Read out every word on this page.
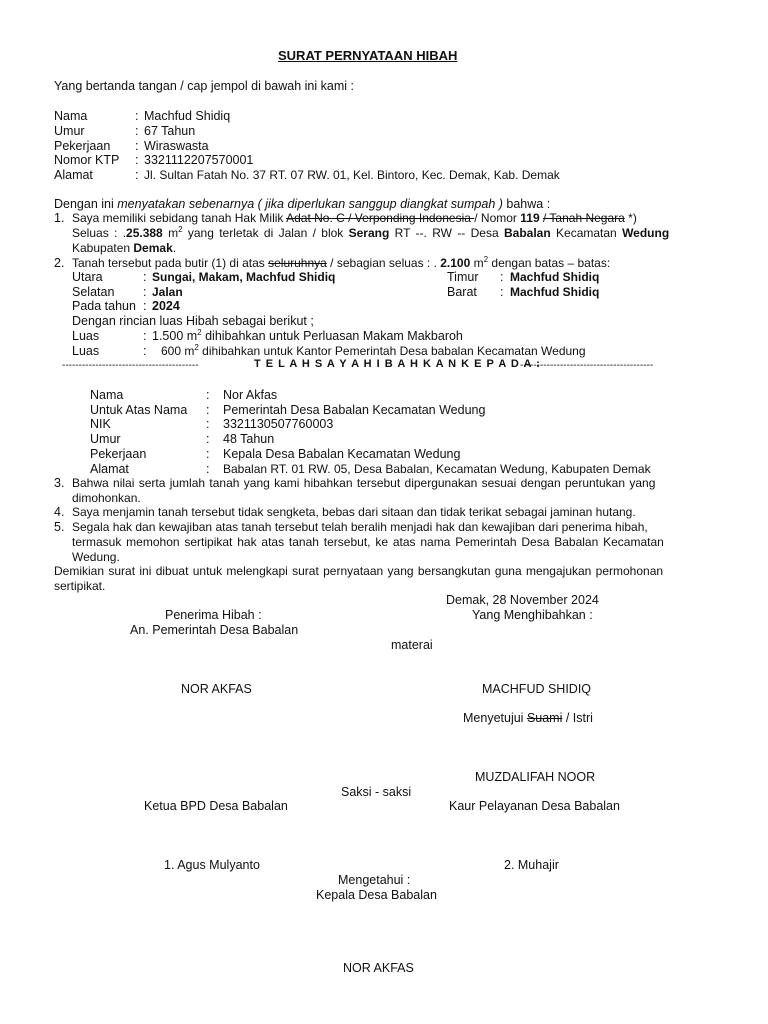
SURAT PERNYATAAN HIBAH
Yang bertanda tangan / cap jempol di bawah ini kami :
Nama	: Machfud Shidiq
Umur	: 67 Tahun
Pekerjaan : Wiraswasta
Nomor KTP : 3321112207570001
Alamat	: Jl. Sultan Fatah No. 37 RT. 07 RW. 01, Kel. Bintoro, Kec. Demak, Kab. Demak
Dengan ini menyatakan sebenarnya ( jika diperlukan sanggup diangkat sumpah ) bahwa :
1. Saya memiliki sebidang tanah Hak Milik Adat No. C / Verponding Indonesia / Nomor 119 / Tanah Negara *)
Seluas : .25.388 $m^2$ yang terletak di Jalan / blok Serang RT --. RW -- Desa Babalan Kecamatan Wedung
Kabupaten Demak.
2. Tanah tersebut pada butir (1) di atas seluruhnya / sebagian seluas : . 2.100 $m^2$ dengan batas – batas:
Utara	: Sungai, Makam, Machfud Shidiq	Timur : Machfud Shidiq
Selatan : Jalan	Barat : Machfud Shidiq
Pada tahun : 2024
Dengan rincian luas Hibah sebagai berikut ;
Luas	: 1.500 $m^2$ dihibahkan untuk Perluasan Makam Makbaroh
Luas	: 600 $m^2$ dihibahkan untuk Kantor Pemerintah Desa babalan Kecamatan Wedung
-----------------------------------------	T E L A H S A Y A H I B A H K A N K E P A D A :
----------------------------------------
Nama	: Nor Akfas
Untuk Atas Nama : Pemerintah Desa Babalan Kecamatan Wedung
NIK	: 3321130507760003
Umur	: 48 Tahun
Pekerjaan	: Kepala Desa Babalan Kecamatan Wedung
Alamat	: Babalan RT. 01 RW. 05, Desa Babalan, Kecamatan Wedung, Kabupaten Demak
3. Bahwa nilai serta jumlah tanah yang kami hibahkan tersebut dipergunakan sesuai dengan peruntukan yang
dimohonkan.
4. Saya menjamin tanah tersebut tidak sengketa, bebas dari sitaan dan tidak terikat sebagai jaminan hutang.
5. Segala hak dan kewajiban atas tanah tersebut telah beralih menjadi hak dan kewajiban dari penerima hibah,
termasuk memohon sertipikat hak atas tanah tersebut, ke atas nama Pemerintah Desa Babalan Kecamatan
Wedung.
Demikian surat ini dibuat untuk melengkapi surat pernyataan yang bersangkutan guna mengajukan permohonan
sertipikat.
Demak, 28 November 2024
Penerima Hibah :	Yang Menghibahkan :
An. Pemerintah Desa Babalan
materai
NOR AKFAS	MACHFUD SHIDIQ
Menyetujui Suami / Istri
MUZDALIFAH NOOR
Saksi - saksi
Ketua BPD Desa Babalan	Kaur Pelayanan Desa Babalan
1. Agus Mulyanto	2. Muhajir
Mengetahui :
Kepala Desa Babalan
NOR AKFAS
